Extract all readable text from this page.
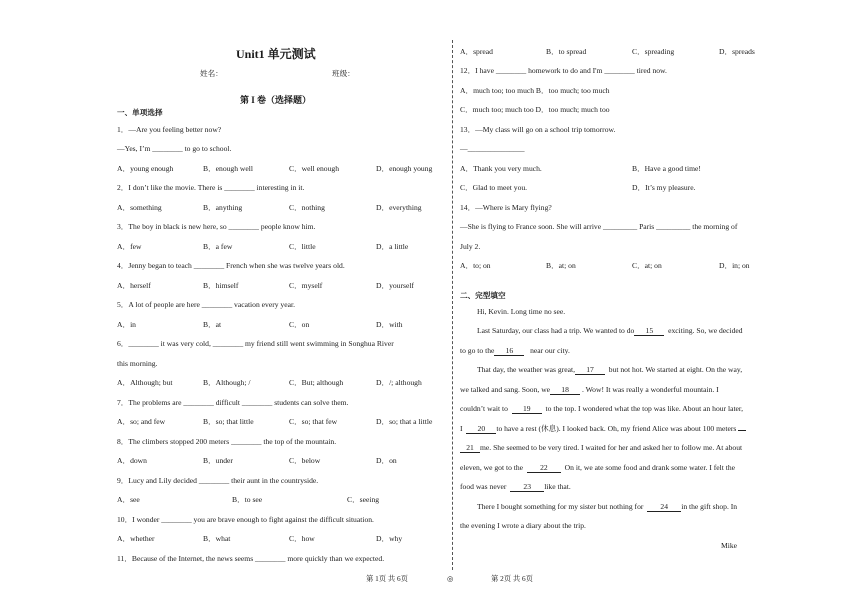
Unit1 单元测试
姓名：	班级：
第 I 卷（选择题）
一、单项选择
1．—Are you feeling better now?
—Yes, I’m ________ to go to school.
A．young enough	B．enough well	C．well enough	D．enough young
2．I don’t like the movie. There is ________ interesting in it.
A．something	B．anything	C．nothing	D．everything
3．The boy in black is new here, so ________ people know him.
A．few	B．a few	C．little	D．a little
4．Jenny began to teach ________ French when she was twelve years old.
A．herself	B．himself	C．myself	D．yourself
5．A lot of people are here ________ vacation every year.
A．in	B．at	C．on	D．with
6．________ it was very cold, ________ my friend still went swimming in Songhua River
this morning.
A．Although; but	B．Although; /	C．But; although	D．/; although
7．The problems are ________ difficult ________ students can solve them.
A．so; and few	B．so; that little	C．so; that few	D．so; that a little
8．The climbers stopped 200 meters ________ the top of the mountain.
A．down	B．under	C．below	D．on
9．Lucy and Lily decided ________ their aunt in the countryside.
A．see	B．to see	C．seeing
10．I wonder ________ you are brave enough to fight against the difficult situation.
A．whether	B．what	C．how	D．why
11．Because of the Internet, the news seems ________ more quickly than we expected.
A．spread	B．to spread	C．spreading	D．spreads
12．I have ________ homework to do and I'm ________ tired now.
A．much too; too much B．too much; too much
C．much too; much too D．too much; much too
13．—My class will go on a school trip tomorrow.
—_______________
A．Thank you very much.	B．Have a good time!
C．Glad to meet you.	D．It’s my pleasure.
14．—Where is Mary flying?
—She is flying to France soon. She will arrive _________ Paris _________ the morning of
July 2.
A．to; on	B．at; on	C．at; on	D．in; on
二、完型填空
Hi, Kevin. Long time no see.
Last Saturday, our class had a trip. We wanted to do 15 exciting. So, we decided
to go to the 16 near our city.
That day, the weather was great, 17 but not hot. We started at eight. On the way,
we talked and sang. Soon, we 18 . Wow! It was really a wonderful mountain. I
couldn’t wait to 19 to the top. I wondered what the top was like. About an hour later,
I 20 to have a rest (休息). I looked back. Oh, my friend Alice was about 100 meters
21 me. She seemed to be very tired. I waited for her and asked her to follow me. At about
eleven, we got to the 22 On it, we ate some food and drank some water. I felt the
food was never 23 like that.
There I bought something for my sister but nothing for 24 in the gift shop. In
the evening I wrote a diary about the trip.
Mike
第 1页 共 6页	◎	第 2页 共 6页
